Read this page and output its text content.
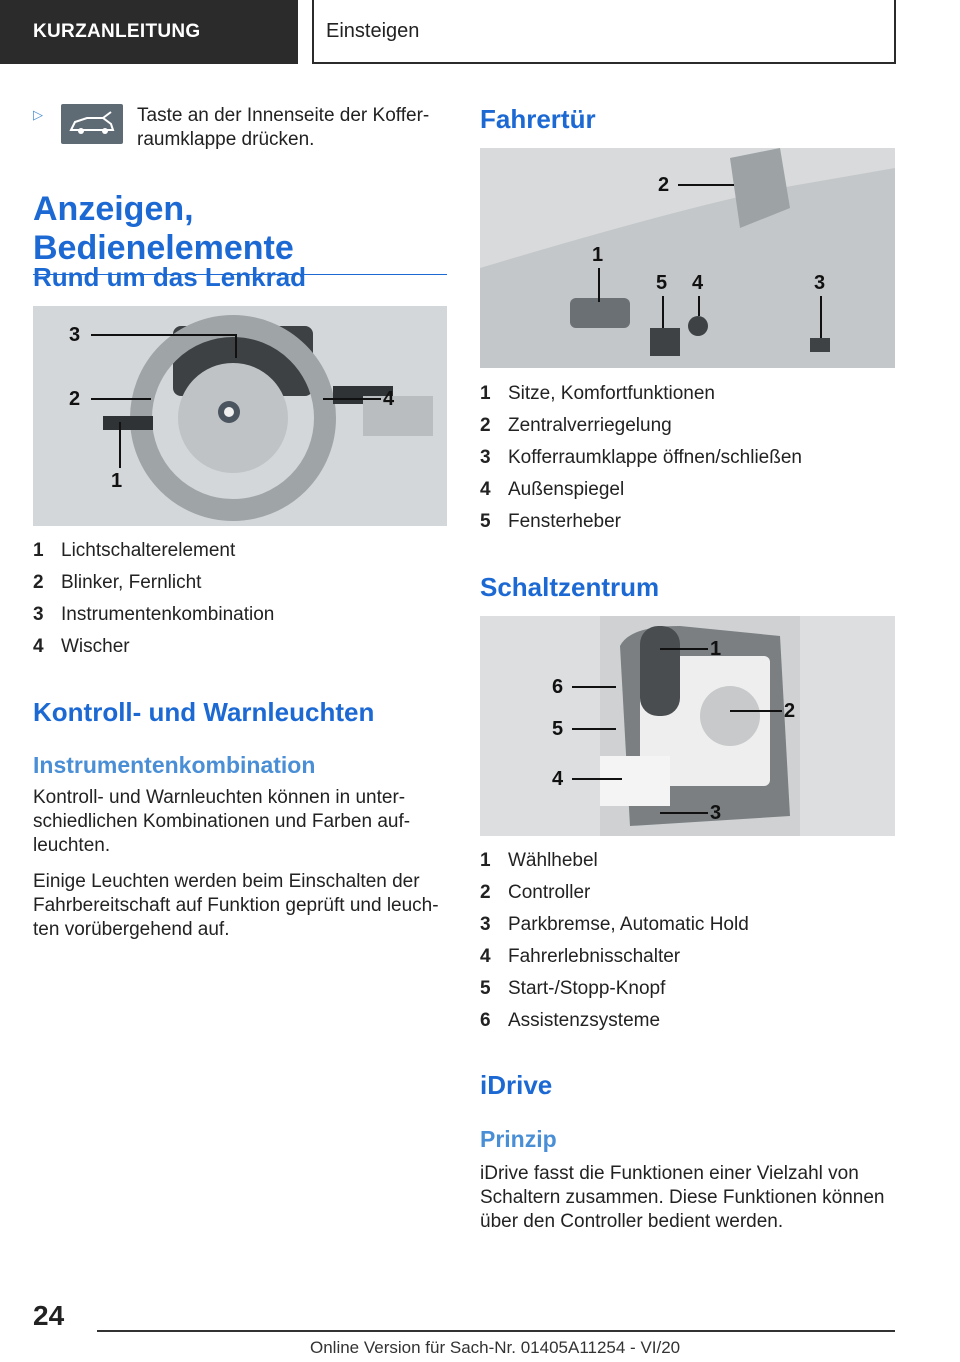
KURZANLEITUNG	Einsteigen
▷	Taste an der Innenseite der Koffer-raumklappe drücken.
Anzeigen, Bedienelemente
Rund um das Lenkrad
3
2
1
4
1 Lichtschalterelement
2 Blinker, Fernlicht
3 Instrumentenkombination
4 Wischer
Kontroll- und Warnleuchten
Instrumentenkombination

Kontroll- und Warnleuchten können in unter-schiedlichen Kombinationen und Farben auf-leuchten.

Einige Leuchten werden beim Einschalten der Fahrbereitschaft auf Funktion geprüft und leuch-ten vorübergehend auf.

Fahrertür
2
1
5 4	3
1 Sitze, Komfortfunktionen
2 Zentralverriegelung
3 Kofferraumklappe öffnen/schließen
4 Außenspiegel
5 Fensterheber
Schaltzentrum
1
6
2
5
4
3
1 Wählhebel
2 Controller
3 Parkbremse, Automatic Hold
4 Fahrerlebnisschalter
5 Start-/Stopp-Knopf
6 Assistenzsysteme
iDrive
Prinzip

iDrive fasst die Funktionen einer Vielzahl von Schaltern zusammen. Diese Funktionen können über den Controller bedient werden.

24
Online Version für Sach-Nr. 01405A11254 - VI/20
